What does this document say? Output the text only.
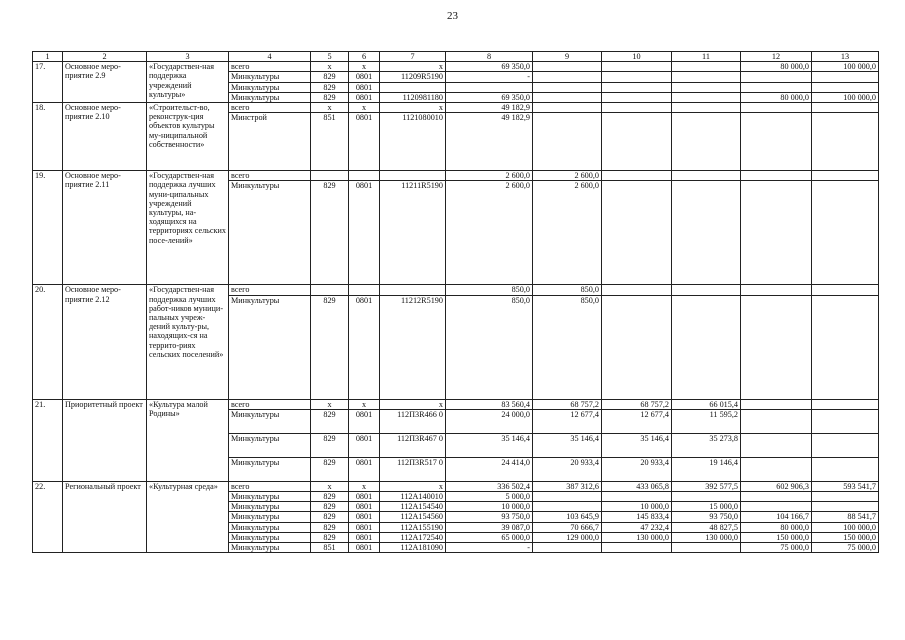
23
1	2	3	4	5	6	7	8	9	10	11	12	13
17.	Основное меро-приятие 2.9	«Государствен-ная поддержка учреждений культуры»	всего	х	х	х	69 350,0				80 000,0	100 000,0
			Минкультуры	829	0801	11209R5190	-					
			Минкультуры	829	0801							
			Минкультуры	829	0801	1120981180	69 350,0				80 000,0	100 000,0
18.	Основное меро-приятие 2.10	«Строительст-во, реконструк-ция объектов культуры му-ниципальной собственности»	всего	х	х	х	49 182,9					
			Минстрой	851	0801	1121080010	49 182,9					
19.	Основное меро-приятие 2.11	«Государствен-ная поддержка лучших муни-ципальных учреждений культуры, на-ходящихся на территориях сельских посе-лений»	всего				2 600,0	2 600,0				
			Минкультуры	829	0801	11211R5190	2 600,0	2 600,0				
20.	Основное меро-приятие 2.12	«Государствен-ная поддержка лучших работ-ников муници-пальных учреж-дений культу-ры, находящих-ся на террито-риях сельских поселений»	всего				850,0	850,0				
			Минкультуры	829	0801	11212R5190	850,0	850,0				
21.	Приоритетный проект	«Культура малой Родины»	всего	х	х	х	83 560,4	68 757,2	68 757,2	66 015,4		
			Минкультуры	829	0801	112П3R466 0	24 000,0	12 677,4	12 677,4	11 595,2		
			Минкультуры	829	0801	112П3R467 0	35 146,4	35 146,4	35 146,4	35 273,8		
			Минкультуры	829	0801	112П3R517 0	24 414,0	20 933,4	20 933,4	19 146,4		
22.	Региональный проект	«Культурная среда»	всего	х	х	х	336 502,4	387 312,6	433 065,8	392 577,5	602 906,3	593 541,7
			Минкультуры	829	0801	112А140010	5 000,0					
			Минкультуры	829	0801	112А154540	10 000,0		10 000,0	15 000,0		
			Минкультуры	829	0801	112А154560	93 750,0	103 645,9	145 833,4	93 750,0	104 166,7	88 541,7
			Минкультуры	829	0801	112А155190	39 087,0	70 666,7	47 232,4	48 827,5	80 000,0	100 000,0
			Минкультуры	829	0801	112А172540	65 000,0	129 000,0	130 000,0	130 000,0	150 000,0	150 000,0
			Минкультуры	851	0801	112А181090	-				75 000,0	75 000,0
